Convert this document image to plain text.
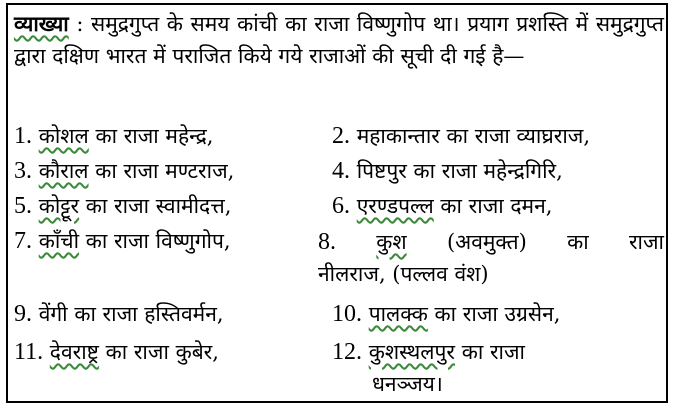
व्याख्या : समुद्रगुप्त के समय कांची का राजा विष्णुगोप था। प्रयाग प्रशस्ति में समुद्रगुप्त द्वारा दक्षिण भारत में पराजित किये गये राजाओं की सूची दी गई है—
1. कोशल का राजा महेन्द्र,	2. महाकान्तार का राजा व्याघ्रराज,
3. कौराल का राजा मण्टराज,	4. पिष्टपुर का राजा महेन्द्रगिरि,
5. कोट्टूर का राजा स्वामीदत्त,	6. एरण्डपल्ल का राजा दमन,
7. काँची का राजा विष्णुगोप,	8. कुश (अवमुक्त) का राजा
नीलराज, (पल्लव वंश)
9. वेंगी का राजा हस्तिवर्मन,	10. पालक्क का राजा उग्रसेन,
11. देवराष्ट्र का राजा कुबेर,	12. कुशस्थलपुर का राजा
धनञ्जय।
